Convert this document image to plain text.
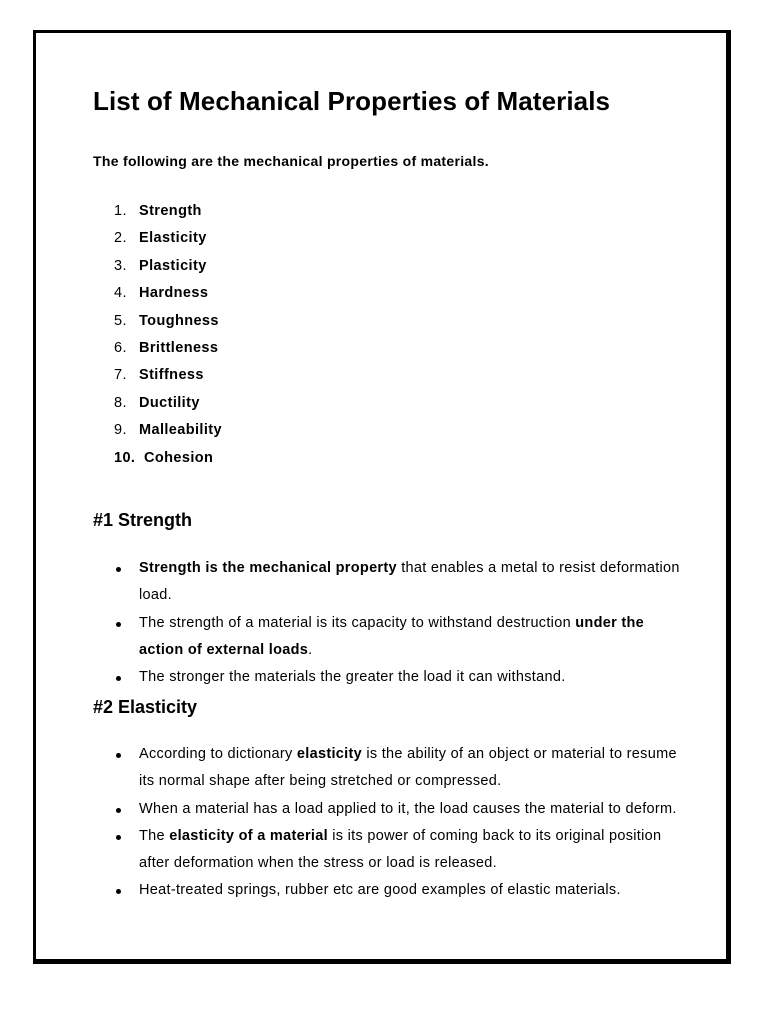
List of Mechanical Properties of Materials

The following are the mechanical properties of materials.

1. Strength
2. Elasticity
3. Plasticity
4. Hardness
5. Toughness
6. Brittleness
7. Stiffness
8. Ductility
9. Malleability
10. Cohesion
#1 Strength
Strength is the mechanical property that enables a metal to resist deformation load.
The strength of a material is its capacity to withstand destruction under the action of external loads.
The stronger the materials the greater the load it can withstand.
#2 Elasticity
According to dictionary elasticity is the ability of an object or material to resume its normal shape after being stretched or compressed.
When a material has a load applied to it, the load causes the material to deform.
The elasticity of a material is its power of coming back to its original position after deformation when the stress or load is released.
Heat-treated springs, rubber etc are good examples of elastic materials.
